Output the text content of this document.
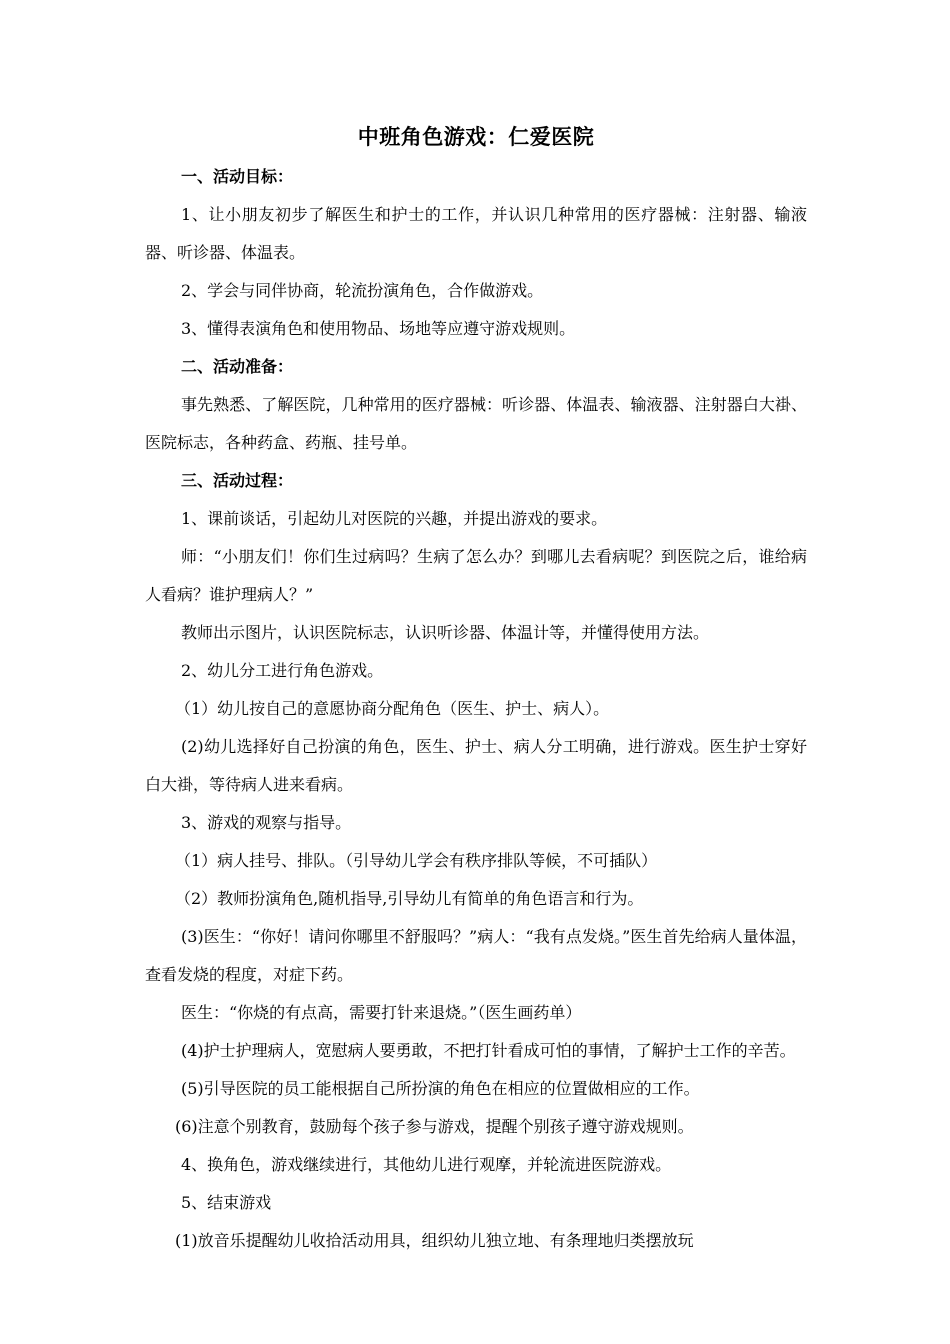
中班角色游戏：仁爱医院

一、活动目标：

1、让小朋友初步了解医生和护士的工作，并认识几种常用的医疗器械：注射器、输液器、听诊器、体温表。

2、学会与同伴协商，轮流扮演角色，合作做游戏。

3、懂得表演角色和使用物品、场地等应遵守游戏规则。

二、活动准备：

事先熟悉、了解医院，几种常用的医疗器械：听诊器、体温表、输液器、注射器白大褂、医院标志，各种药盒、药瓶、挂号单。

三、活动过程：

1、课前谈话，引起幼儿对医院的兴趣，并提出游戏的要求。

师：“小朋友们！你们生过病吗？生病了怎么办？到哪儿去看病呢？到医院之后，谁给病人看病？谁护理病人？”

教师出示图片，认识医院标志，认识听诊器、体温计等，并懂得使用方法。

2、幼儿分工进行角色游戏。

（1）幼儿按自己的意愿协商分配角色（医生、护士、病人）。

(2)幼儿选择好自己扮演的角色，医生、护士、病人分工明确，进行游戏。医生护士穿好白大褂，等待病人进来看病。

3、游戏的观察与指导。

（1）病人挂号、排队。（引导幼儿学会有秩序排队等候，不可插队）

（2）教师扮演角色,随机指导,引导幼儿有简单的角色语言和行为。

(3)医生：“你好！请问你哪里不舒服吗？”病人：“我有点发烧。”医生首先给病人量体温，查看发烧的程度，对症下药。

医生：“你烧的有点高，需要打针来退烧。”（医生画药单）

(4)护士护理病人，宽慰病人要勇敢，不把打针看成可怕的事情，了解护士工作的辛苦。

(5)引导医院的员工能根据自己所扮演的角色在相应的位置做相应的工作。

(6)注意个别教育，鼓励每个孩子参与游戏，提醒个别孩子遵守游戏规则。

4、换角色，游戏继续进行，其他幼儿进行观摩，并轮流进医院游戏。

5、结束游戏

(1)放音乐提醒幼儿收拾活动用具，组织幼儿独立地、有条理地归类摆放玩
